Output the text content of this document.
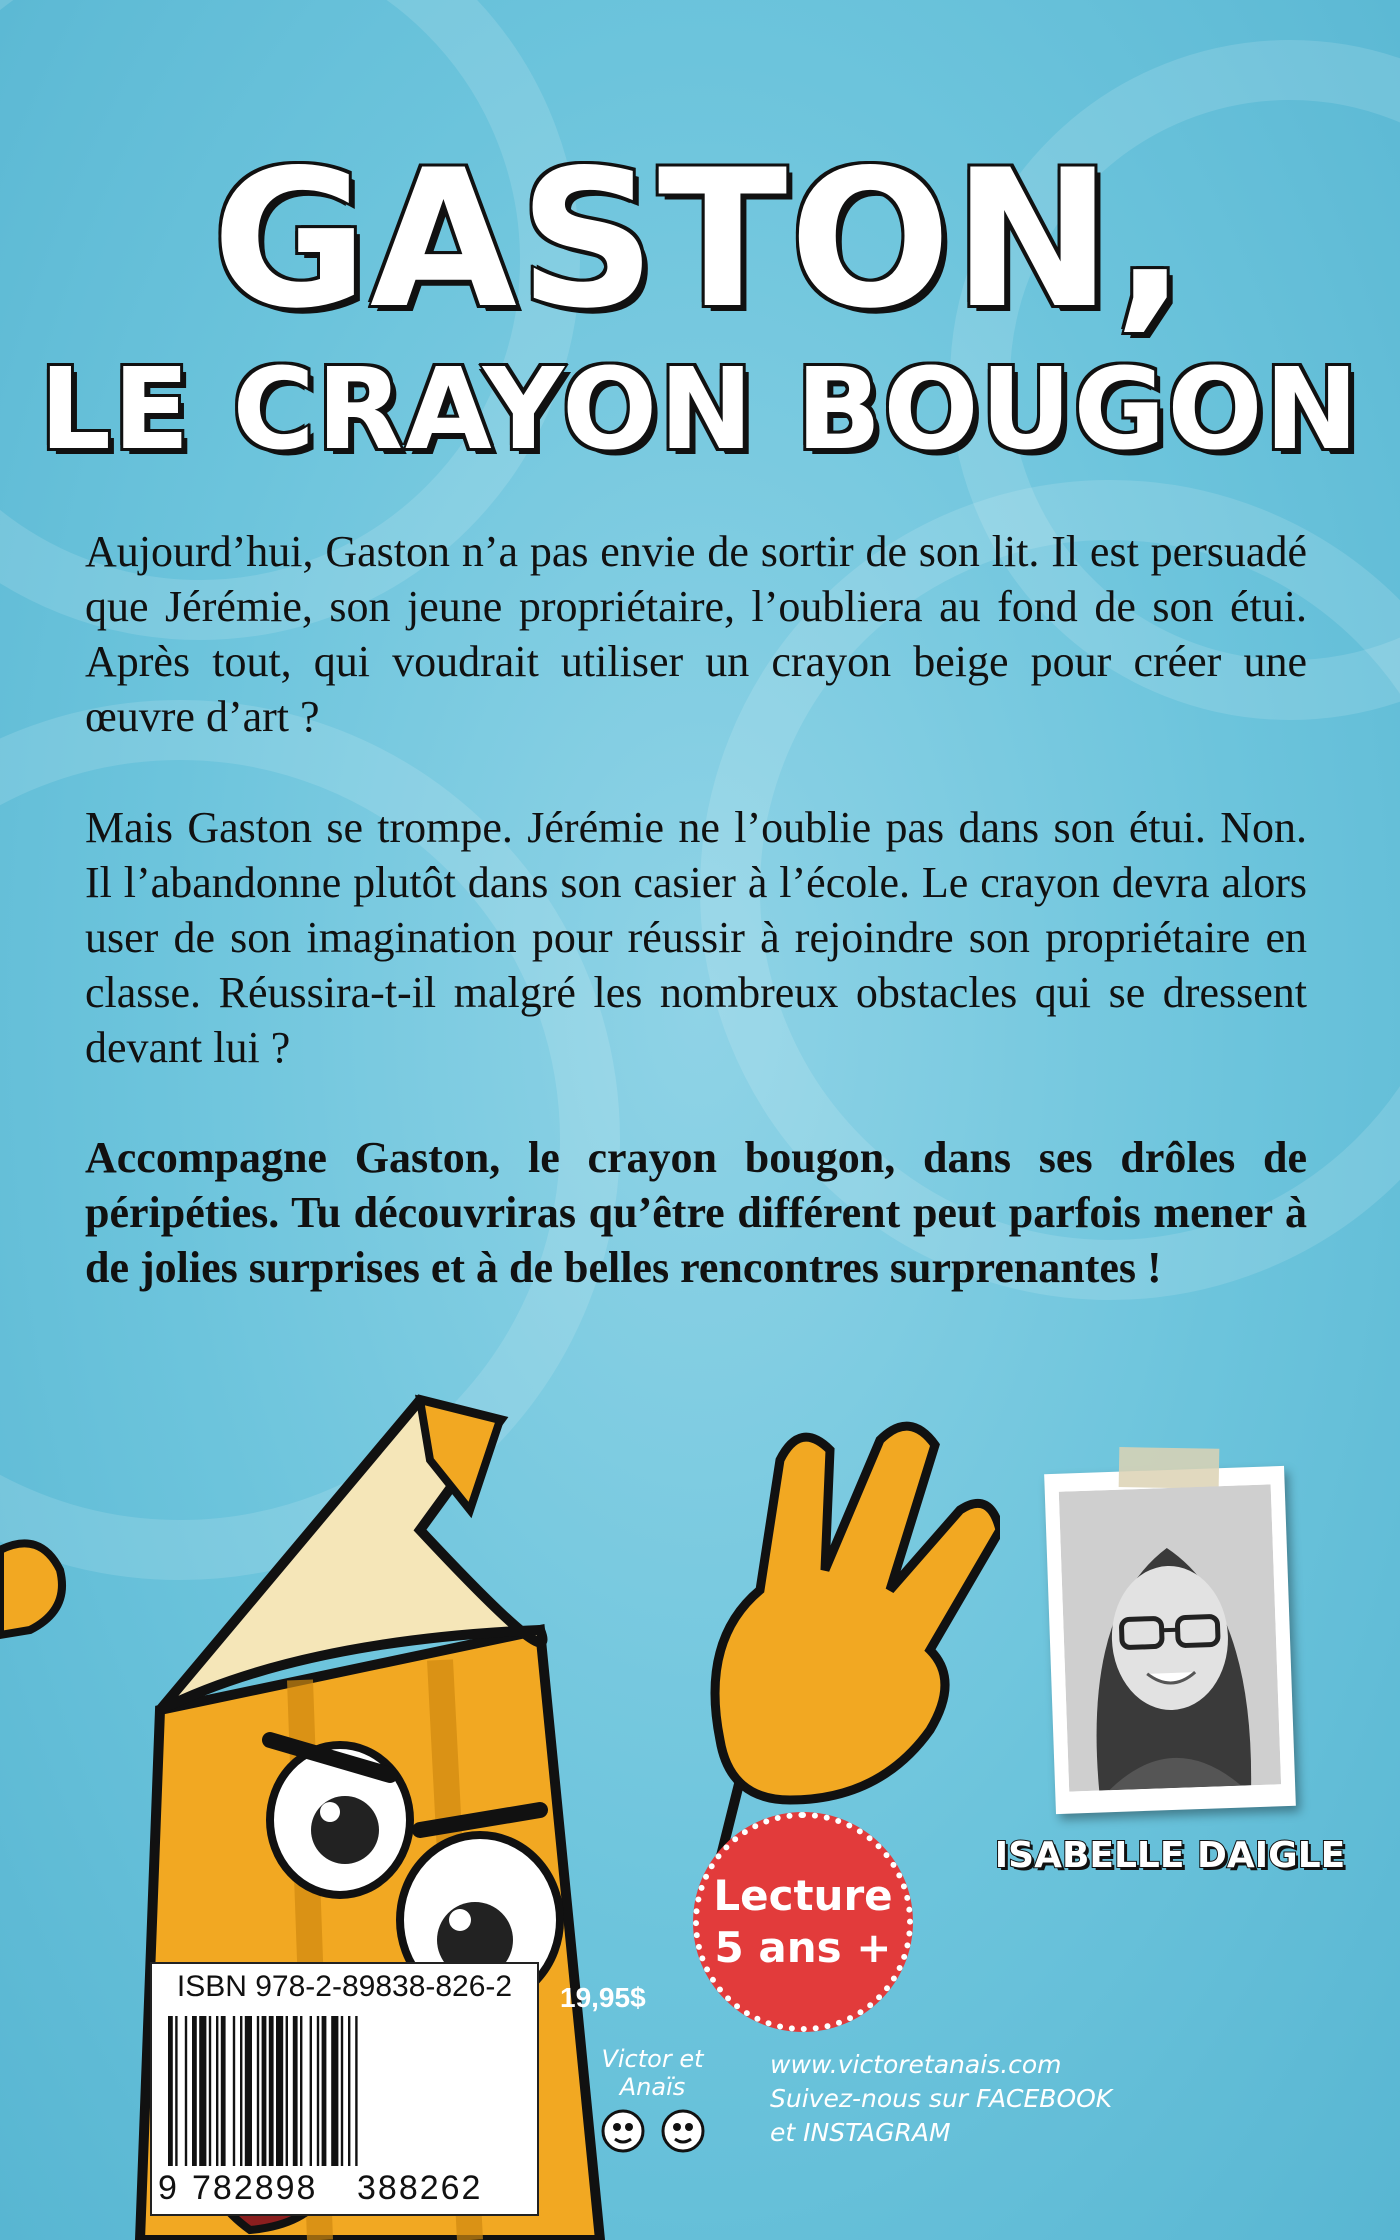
GASTON,
LE CRAYON BOUGON

Aujourd’hui, Gaston n’a pas envie de sortir de son lit. Il est persuadé que Jérémie, son jeune propriétaire, l’oubliera au fond de son étui. Après tout, qui voudrait utiliser un crayon beige pour créer une œuvre d’art ?

Mais Gaston se trompe. Jérémie ne l’oublie pas dans son étui. Non. Il l’abandonne plutôt dans son casier à l’école. Le crayon devra alors user de son imagination pour réussir à rejoindre son propriétaire en classe. Réussira-t-il malgré les nombreux obstacles qui se dressent devant lui ?

Accompagne Gaston, le crayon bougon, dans ses drôles de péripéties. Tu découvriras qu’être différent peut parfois mener à de jolies surprises et à de belles rencontres surprenantes !

ISABELLE DAIGLE
Lecture
5 ans +
ISBN 978-2-89838-826-2
9 782898 388262
19,95$
Victor et Anaïs
www.victoretanais.com
Suivez-nous sur FACEBOOK
et INSTAGRAM
